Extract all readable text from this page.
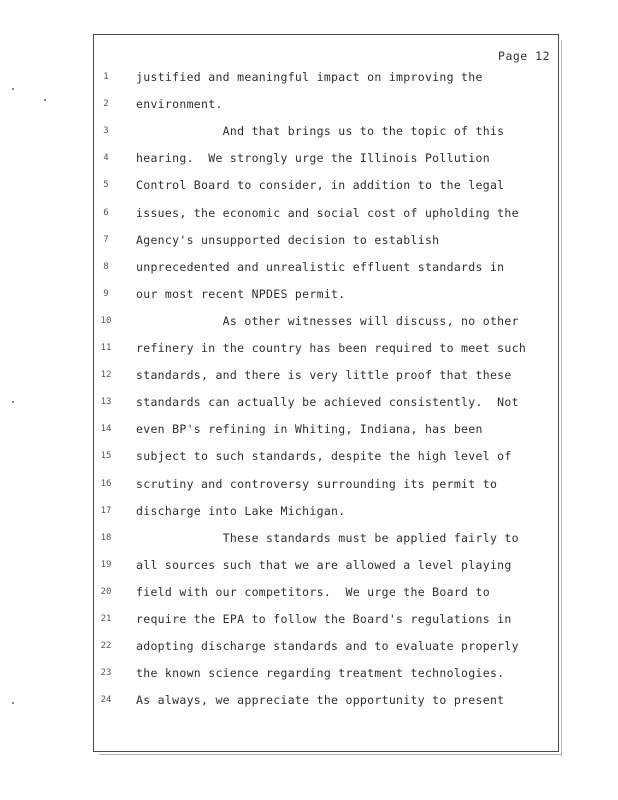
Page 12
1	justified and meaningful impact on improving the
2	environment.
3	And that brings us to the topic of this
4	hearing.  We strongly urge the Illinois Pollution
5	Control Board to consider, in addition to the legal
6	issues, the economic and social cost of upholding the
7	Agency's unsupported decision to establish
8	unprecedented and unrealistic effluent standards in
9	our most recent NPDES permit.
10	As other witnesses will discuss, no other
11	refinery in the country has been required to meet such
12	standards, and there is very little proof that these
13	standards can actually be achieved consistently.  Not
14	even BP's refining in Whiting, Indiana, has been
15	subject to such standards, despite the high level of
16	scrutiny and controversy surrounding its permit to
17	discharge into Lake Michigan.
18	These standards must be applied fairly to
19	all sources such that we are allowed a level playing
20	field with our competitors.  We urge the Board to
21	require the EPA to follow the Board's regulations in
22	adopting discharge standards and to evaluate properly
23	the known science regarding treatment technologies.
24	As always, we appreciate the opportunity to present
